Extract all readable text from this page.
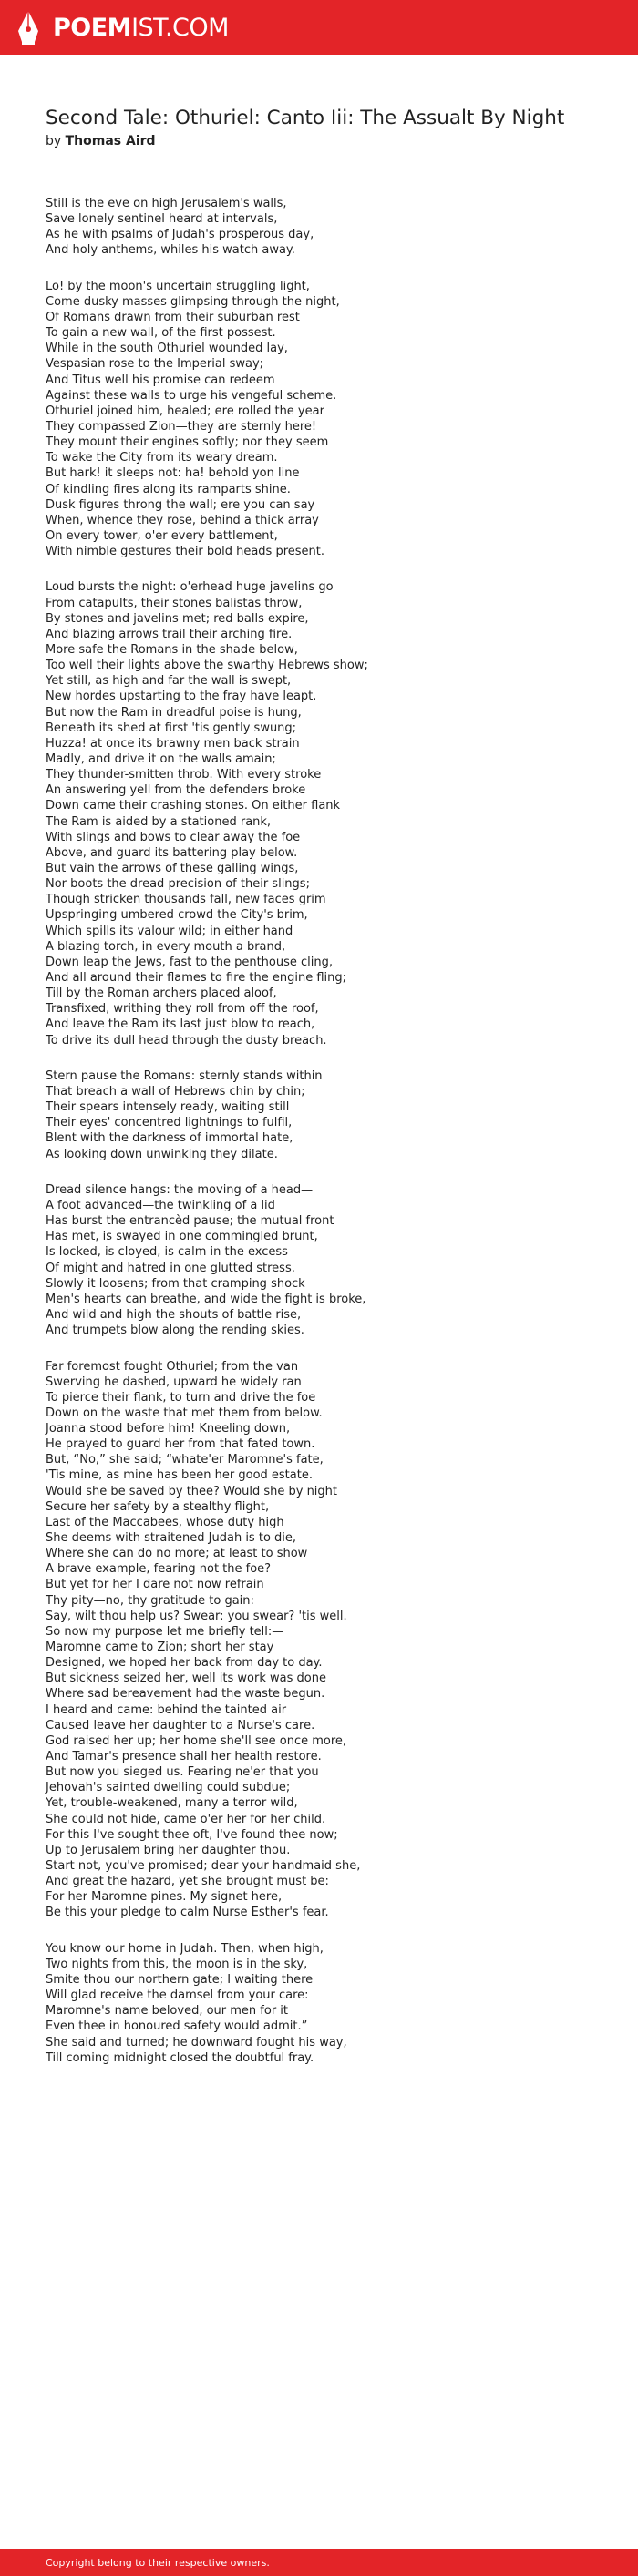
POEMIST.COM
Second Tale: Othuriel: Canto Iii: The Assualt By Night
by Thomas Aird
Still is the eve on high Jerusalem's walls,
Save lonely sentinel heard at intervals,
As he with psalms of Judah's prosperous day,
And holy anthems, whiles his watch away.
Lo! by the moon's uncertain struggling light,
Come dusky masses glimpsing through the night,
Of Romans drawn from their suburban rest
To gain a new wall, of the first possest.
While in the south Othuriel wounded lay,
Vespasian rose to the Imperial sway;
And Titus well his promise can redeem
Against these walls to urge his vengeful scheme.
Othuriel joined him, healed; ere rolled the year
They compassed Zion—they are sternly here!
They mount their engines softly; nor they seem
To wake the City from its weary dream.
But hark! it sleeps not: ha! behold yon line
Of kindling fires along its ramparts shine.
Dusk figures throng the wall; ere you can say
When, whence they rose, behind a thick array
On every tower, o'er every battlement,
With nimble gestures their bold heads present.
Loud bursts the night: o'erhead huge javelins go
From catapults, their stones balistas throw,
By stones and javelins met; red balls expire,
And blazing arrows trail their arching fire.
More safe the Romans in the shade below,
Too well their lights above the swarthy Hebrews show;
Yet still, as high and far the wall is swept,
New hordes upstarting to the fray have leapt.
But now the Ram in dreadful poise is hung,
Beneath its shed at first 'tis gently swung;
Huzza! at once its brawny men back strain
Madly, and drive it on the walls amain;
They thunder-smitten throb. With every stroke
An answering yell from the defenders broke
Down came their crashing stones. On either flank
The Ram is aided by a stationed rank,
With slings and bows to clear away the foe
Above, and guard its battering play below.
But vain the arrows of these galling wings,
Nor boots the dread precision of their slings;
Though stricken thousands fall, new faces grim
Upspringing umbered crowd the City's brim,
Which spills its valour wild; in either hand
A blazing torch, in every mouth a brand,
Down leap the Jews, fast to the penthouse cling,
And all around their flames to fire the engine fling;
Till by the Roman archers placed aloof,
Transfixed, writhing they roll from off the roof,
And leave the Ram its last just blow to reach,
To drive its dull head through the dusty breach.
Stern pause the Romans: sternly stands within
That breach a wall of Hebrews chin by chin;
Their spears intensely ready, waiting still
Their eyes' concentred lightnings to fulfil,
Blent with the darkness of immortal hate,
As looking down unwinking they dilate.
Dread silence hangs: the moving of a head—
A foot advanced—the twinkling of a lid
Has burst the entrancèd pause; the mutual front
Has met, is swayed in one commingled brunt,
Is locked, is cloyed, is calm in the excess
Of might and hatred in one glutted stress.
Slowly it loosens; from that cramping shock
Men's hearts can breathe, and wide the fight is broke,
And wild and high the shouts of battle rise,
And trumpets blow along the rending skies.
Far foremost fought Othuriel; from the van
Swerving he dashed, upward he widely ran
To pierce their flank, to turn and drive the foe
Down on the waste that met them from below.
Joanna stood before him! Kneeling down,
He prayed to guard her from that fated town.
But, “No,” she said; “whate'er Maromne's fate,
'Tis mine, as mine has been her good estate.
Would she be saved by thee? Would she by night
Secure her safety by a stealthy flight,
Last of the Maccabees, whose duty high
She deems with straitened Judah is to die,
Where she can do no more; at least to show
A brave example, fearing not the foe?
But yet for her I dare not now refrain
Thy pity—no, thy gratitude to gain:
Say, wilt thou help us? Swear: you swear? 'tis well.
So now my purpose let me briefly tell:—
Maromne came to Zion; short her stay
Designed, we hoped her back from day to day.
But sickness seized her, well its work was done
Where sad bereavement had the waste begun.
I heard and came: behind the tainted air
Caused leave her daughter to a Nurse's care.
God raised her up; her home she'll see once more,
And Tamar's presence shall her health restore.
But now you sieged us. Fearing ne'er that you
Jehovah's sainted dwelling could subdue;
Yet, trouble-weakened, many a terror wild,
She could not hide, came o'er her for her child.
For this I've sought thee oft, I've found thee now;
Up to Jerusalem bring her daughter thou.
Start not, you've promised; dear your handmaid she,
And great the hazard, yet she brought must be:
For her Maromne pines. My signet here,
Be this your pledge to calm Nurse Esther's fear.
You know our home in Judah. Then, when high,
Two nights from this, the moon is in the sky,
Smite thou our northern gate; I waiting there
Will glad receive the damsel from your care:
Maromne's name beloved, our men for it
Even thee in honoured safety would admit.”
She said and turned; he downward fought his way,
Till coming midnight closed the doubtful fray.
Copyright belong to their respective owners.
